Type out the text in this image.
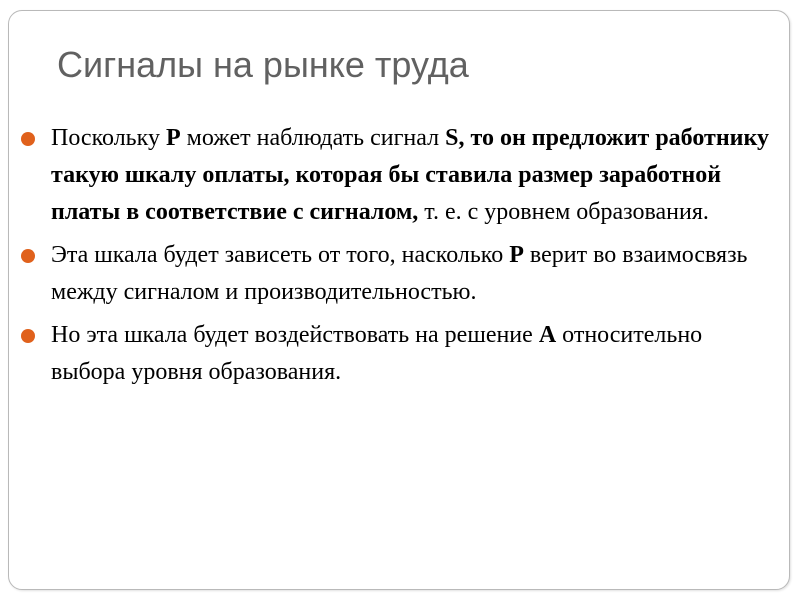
Сигналы на рынке труда
Поскольку P может наблюдать сигнал S, то он предложит работнику такую шкалу оплаты, которая бы ставила размер заработной платы в соответствие с сигналом, т. е. с уровнем образования.
Эта шкала будет зависеть от того, насколько P верит во взаимосвязь между сигналом и производительностью.
Но эта шкала будет воздействовать на решение A относительно выбора уровня образования.
